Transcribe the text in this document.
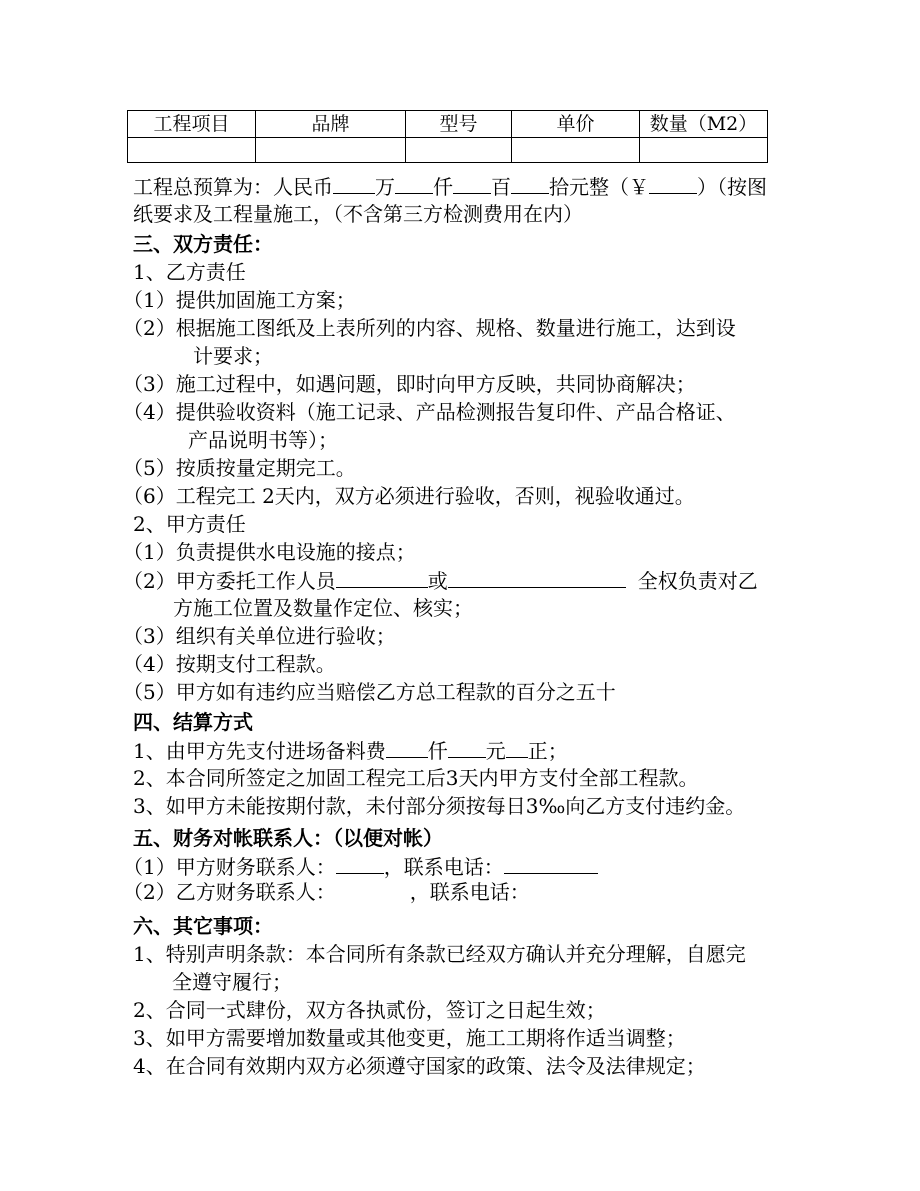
工程项目	品牌	型号	单价	数量（M2）

工程总预算为：人民币 万 仟 百 拾元整（￥ ）（按图
纸要求及工程量施工，（不含第三方检测费用在内）
三、双方责任：
1、乙方责任
（1）提供加固施工方案；
（2）根据施工图纸及上表所列的内容、规格、数量进行施工，达到设
计要求；
（3）施工过程中，如遇问题，即时向甲方反映，共同协商解决；
（4）提供验收资料（施工记录、产品检测报告复印件、产品合格证、
产品说明书等）；
（5）按质按量定期完工。
（6）工程完工 2天内，双方必须进行验收，否则，视验收通过。
2、甲方责任
（1）负责提供水电设施的接点；
（2）甲方委托工作人员	或	全权负责对乙
方施工位置及数量作定位、核实；
（3）组织有关单位进行验收；
（4）按期支付工程款。
（5）甲方如有违约应当赔偿乙方总工程款的百分之五十
四、结算方式
1、由甲方先支付进场备料费 仟 元 正；
2、本合同所签定之加固工程完工后3天内甲方支付全部工程款。
3、如甲方未能按期付款，未付部分须按每日3‰向乙方支付违约金。
五、财务对帐联系人：（以便对帐）
（1）甲方财务联系人： ，联系电话：
（2）乙方财务联系人：	，联系电话：
六、其它事项：
1、特别声明条款：本合同所有条款已经双方确认并充分理解，自愿完
全遵守履行；
2、合同一式肆份，双方各执贰份，签订之日起生效；
3、如甲方需要增加数量或其他变更，施工工期将作适当调整；
4、在合同有效期内双方必须遵守国家的政策、法令及法律规定；
